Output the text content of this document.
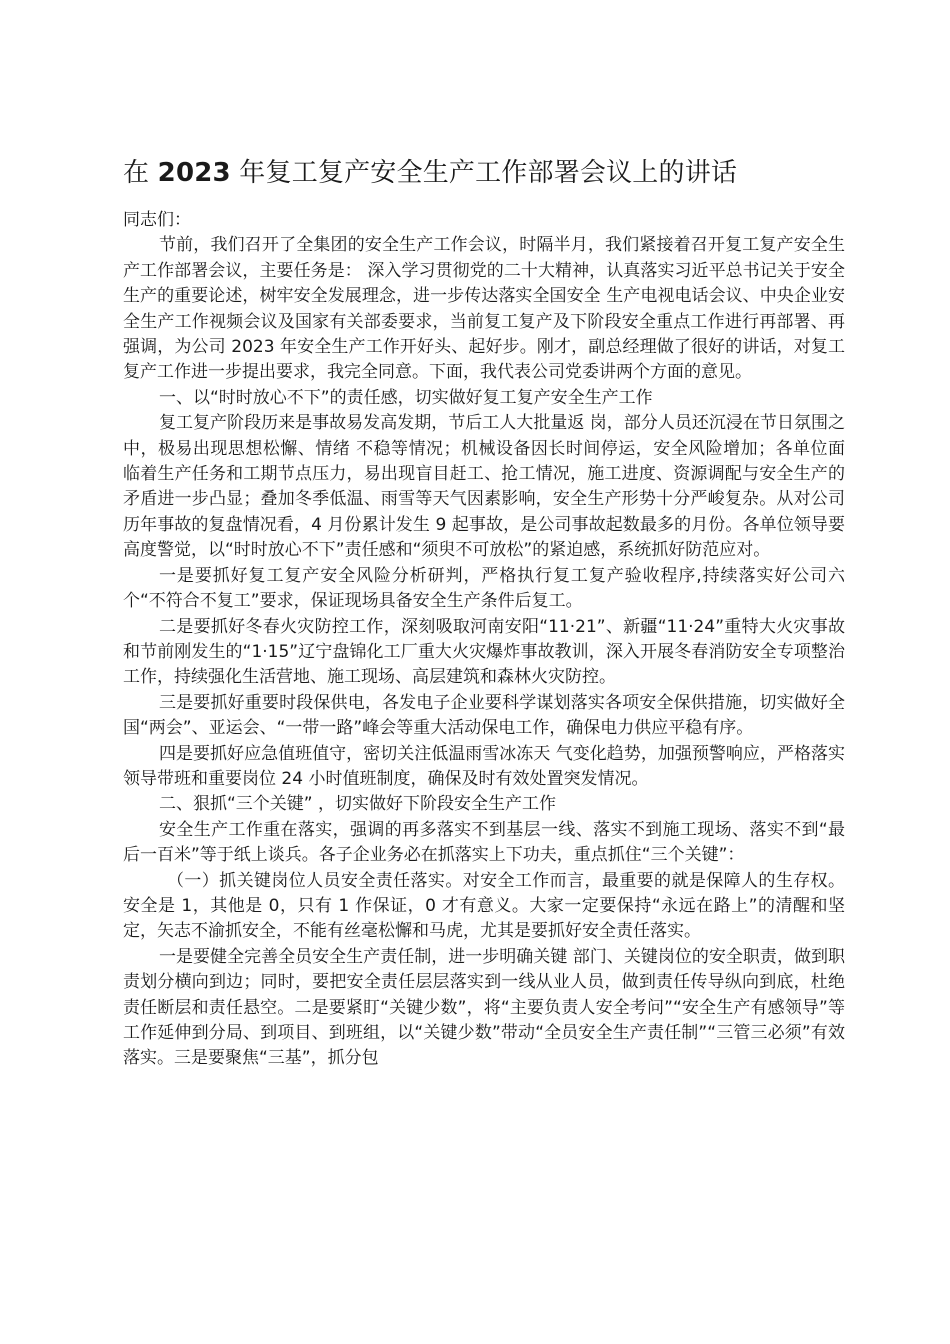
在 2023 年复工复产安全生产工作部署会议上的讲话

同志们：

节前，我们召开了全集团的安全生产工作会议，时隔半月，我们紧接着召开复工复产安全生产工作部署会议，主要任务是： 深入学习贯彻党的二十大精神，认真落实习近平总书记关于安全生产的重要论述，树牢安全发展理念，进一步传达落实全国安全 生产电视电话会议、中央企业安全生产工作视频会议及国家有关部委要求，当前复工复产及下阶段安全重点工作进行再部署、再强调，为公司 2023 年安全生产工作开好头、起好步。刚才，副总经理做了很好的讲话，对复工复产工作进一步提出要求，我完全同意。下面，我代表公司党委讲两个方面的意见。

一、以“时时放心不下”的责任感，切实做好复工复产安全生产工作

复工复产阶段历来是事故易发高发期，节后工人大批量返 岗，部分人员还沉浸在节日氛围之中，极易出现思想松懈、情绪 不稳等情况；机械设备因长时间停运，安全风险增加；各单位面 临着生产任务和工期节点压力，易出现盲目赶工、抢工情况，施工进度、资源调配与安全生产的矛盾进一步凸显；叠加冬季低温、雨雪等天气因素影响，安全生产形势十分严峻复杂。从对公司历年事故的复盘情况看，4 月份累计发生 9 起事故，是公司事故起数最多的月份。各单位领导要高度警觉，以“时时放心不下”责任感和“须臾不可放松”的紧迫感，系统抓好防范应对。

一是要抓好复工复产安全风险分析研判，严格执行复工复产验收程序,持续落实好公司六个“不符合不复工”要求，保证现场具备安全生产条件后复工。

二是要抓好冬春火灾防控工作，深刻吸取河南安阳“11·21”、新疆“11·24”重特大火灾事故和节前刚发生的“1·15”辽宁盘锦化工厂重大火灾爆炸事故教训，深入开展冬春消防安全专项整治工作，持续强化生活营地、施工现场、高层建筑和森林火灾防控。

三是要抓好重要时段保供电，各发电子企业要科学谋划落实各项安全保供措施，切实做好全国“两会”、亚运会、“一带一路”峰会等重大活动保电工作，确保电力供应平稳有序。

四是要抓好应急值班值守，密切关注低温雨雪冰冻天 气变化趋势，加强预警响应，严格落实领导带班和重要岗位 24 小时值班制度，确保及时有效处置突发情况。

二、狠抓“三个关键” ，切实做好下阶段安全生产工作

安全生产工作重在落实，强调的再多落实不到基层一线、落实不到施工现场、落实不到“最后一百米”等于纸上谈兵。各子企业务必在抓落实上下功夫，重点抓住“三个关键”：

（一）抓关键岗位人员安全责任落实。对安全工作而言，最重要的就是保障人的生存权。安全是 1，其他是 0，只有 1 作保证，0 才有意义。大家一定要保持“永远在路上”的清醒和坚定，矢志不渝抓安全，不能有丝毫松懈和马虎，尤其是要抓好安全责任落实。

一是要健全完善全员安全生产责任制，进一步明确关键 部门、关键岗位的安全职责，做到职责划分横向到边；同时，要把安全责任层层落实到一线从业人员，做到责任传导纵向到底，杜绝责任断层和责任悬空。二是要紧盯“关键少数”，将“主要负责人安全考问”“安全生产有感领导”等工作延伸到分局、到项目、到班组，以“关键少数”带动“全员安全生产责任制”“三管三必须”有效落实。三是要聚焦“三基”，抓分包
